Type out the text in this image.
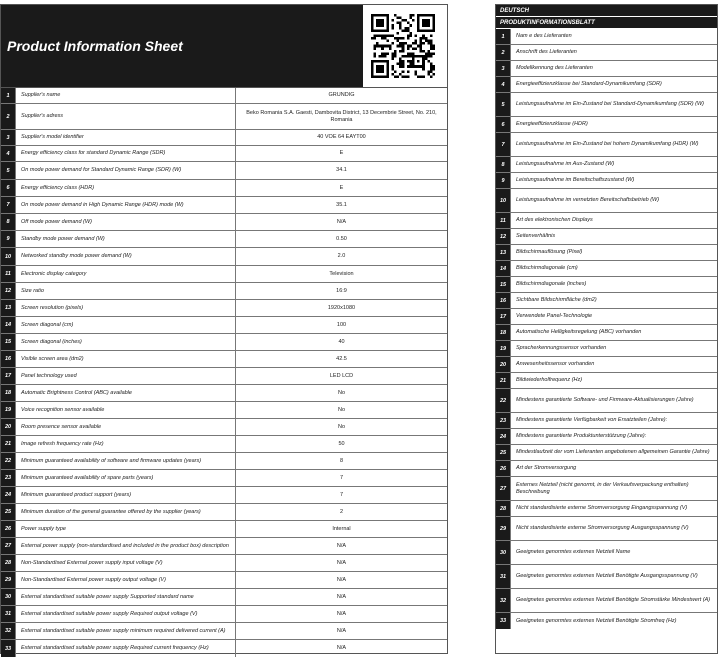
Product Information Sheet
1	Supplier's name	GRUNDIG
2	Supplier's adress
Beko Romania S.A. Gaesti, Dambovita District, 13 Decembrie Street, No. 210, Romania
3	Supplier's model identifier	40 VOE 64 EAYT00
4	Energy efficiency class for standard Dynamic Range (SDR)	E
5	On mode power demand for Standard Dynamic Range (SDR) (W)	34.1
6	Energy efficiency class (HDR)	E
7	On mode power demand in High Dynamic Range (HDR) mode (W)	35.1
8	Off mode power demand (W)	N/A
9	Standby mode power demand (W)	0.50
10	Networked standby mode power demand (W)	2.0
11	Electronic display category	Television
12	Size ratio	16:9
13	Screen resolution (pixels)	1920x1080
14	Screen diagonal (cm)	100
15	Screen diagonal (inches)	40
16	Visible screen area (dm2)	42.5
17	Panel technology used	LED LCD
18	Automatic Brightness Control (ABC) available	No
19	Voice recognition sensor available	No
20	Room presence sensor available	No
21	Image refresh frequency rate (Hz)	50
22	Minimum guaranteed availability of software and firmware updates (years)	8
23	Minimum guaranteed availability of spare parts (years)	7
24	Minimum guaranteed product support (years)	7
25	Minimum duration of the general guarantee offered by the supplier (years)	2
26	Power supply type	Internal
27	External power supply (non-standardised and included in the product box) description	N/A
28	Non-Standardised External power supply input voltage (V)	N/A
29	Non-Standardised External power supply output voltage (V)	N/A
30	External standardised suitable power supply Supported standard name	N/A
31	External standardised suitable power supply Required output voltage (V)	N/A
32	External standardised suitable power supply minimum required delivered current (A)	N/A
33	External standardised suitable power supply Required current frequency (Hz)	N/A
DEUTSCH
PRODUKTINFORMATIONSBLATT
1	Nam e des Lieferanten
2	Anschrift des Lieferanten
3	Modellkennung des Lieferanten
4	Energieeffizienzklasse bei Standard-Dynamikumfang (SDR)
5	Leistungsaufnahme im Ein-Zustand bei Standard-Dynamikumfang (SDR) (W)
6	Energieeffizienzklasse (HDR)
7	Leistungsaufnahme im Ein-Zustand bei hohem Dynamikumfang (HDR) (W)
8	Leistungsaufnahme im Aus-Zustand (W)
9	Leistungsaufnahme im Bereitschaftszustand (W)
10	Leistungsaufnahme im vernetzten Bereitschaftsbetrieb (W)
11	Art des elektronischen Displays
12	Seitenverhältnis
13	Bildschirmauflösung (Pixel)
14	Bildschirmdiagonale (cm)
15	Bildschirmdiagonale (inches)
16	Sichtbare Bildschirmfläche (dm2)
17	Verwendete Panel-Technologie
18	Automatische Helligkeitsregelung (ABC) vorhanden
19	Spracherkennungssensor vorhanden
20	Anwesenheitssensor vorhanden
21	Bildwiederholfrequenz (Hz)
22	Mindestens garantierte Software- und Firmware-Aktualisierungen (Jahre)
23	Mindestens garantierte Verfügbarkeit von Ersatzteilen (Jahre):
24	Mindestens garantierte Produktunterstützung (Jahre):
25	Mindestlaufzeit der vom Lieferanten angebotenen allgemeinen Garantie (Jahre)
26	Art der Stromversorgung
27
Externes Netzteil (nicht genormt, in der Verkaufsverpackung enthalten) Beschreibung
28	Nicht standardisierte externe Stromversorgung Eingangsspannung (V)
29	Nicht standardisierte externe Stromversorgung Ausgangsspannung (V)
30	Geeignetes genormtes externes Netzteil Name
31	Geeignetes genormtes externes Netzteil Benötigte Ausgangsspannung (V)
32	Geeignetes genormtes externes Netzteil Benötigte Stromstärke Mindestwert (A)
33	Geeignetes genormtes externes Netzteil Benötigte Stromfreq (Hz)
